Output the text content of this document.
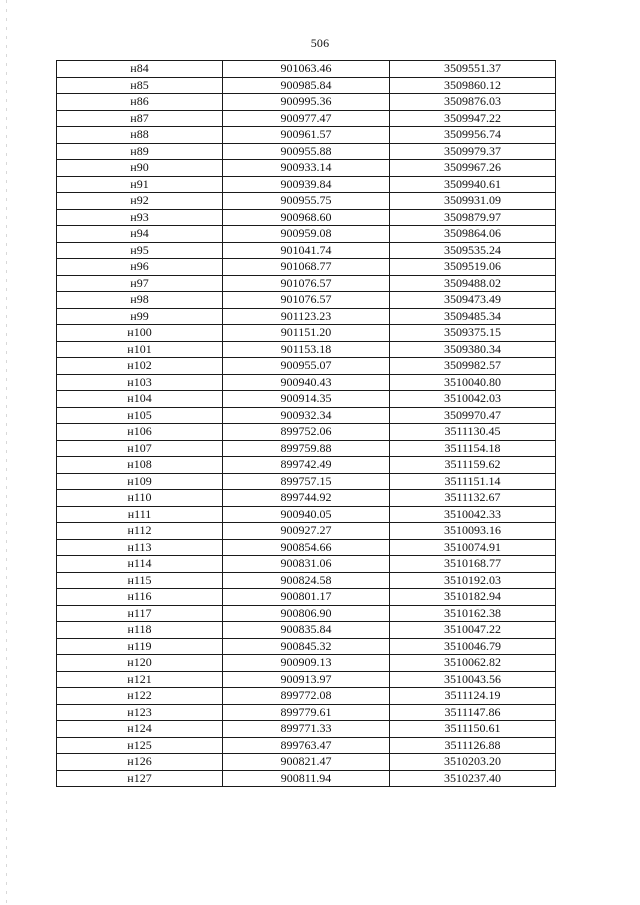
506
н84	901063.46	3509551.37
н85	900985.84	3509860.12
н86	900995.36	3509876.03
н87	900977.47	3509947.22
н88	900961.57	3509956.74
н89	900955.88	3509979.37
н90	900933.14	3509967.26
н91	900939.84	3509940.61
н92	900955.75	3509931.09
н93	900968.60	3509879.97
н94	900959.08	3509864.06
н95	901041.74	3509535.24
н96	901068.77	3509519.06
н97	901076.57	3509488.02
н98	901076.57	3509473.49
н99	901123.23	3509485.34
н100	901151.20	3509375.15
н101	901153.18	3509380.34
н102	900955.07	3509982.57
н103	900940.43	3510040.80
н104	900914.35	3510042.03
н105	900932.34	3509970.47
н106	899752.06	3511130.45
н107	899759.88	3511154.18
н108	899742.49	3511159.62
н109	899757.15	3511151.14
н110	899744.92	3511132.67
н111	900940.05	3510042.33
н112	900927.27	3510093.16
н113	900854.66	3510074.91
н114	900831.06	3510168.77
н115	900824.58	3510192.03
н116	900801.17	3510182.94
н117	900806.90	3510162.38
н118	900835.84	3510047.22
н119	900845.32	3510046.79
н120	900909.13	3510062.82
н121	900913.97	3510043.56
н122	899772.08	3511124.19
н123	899779.61	3511147.86
н124	899771.33	3511150.61
н125	899763.47	3511126.88
н126	900821.47	3510203.20
н127	900811.94	3510237.40
